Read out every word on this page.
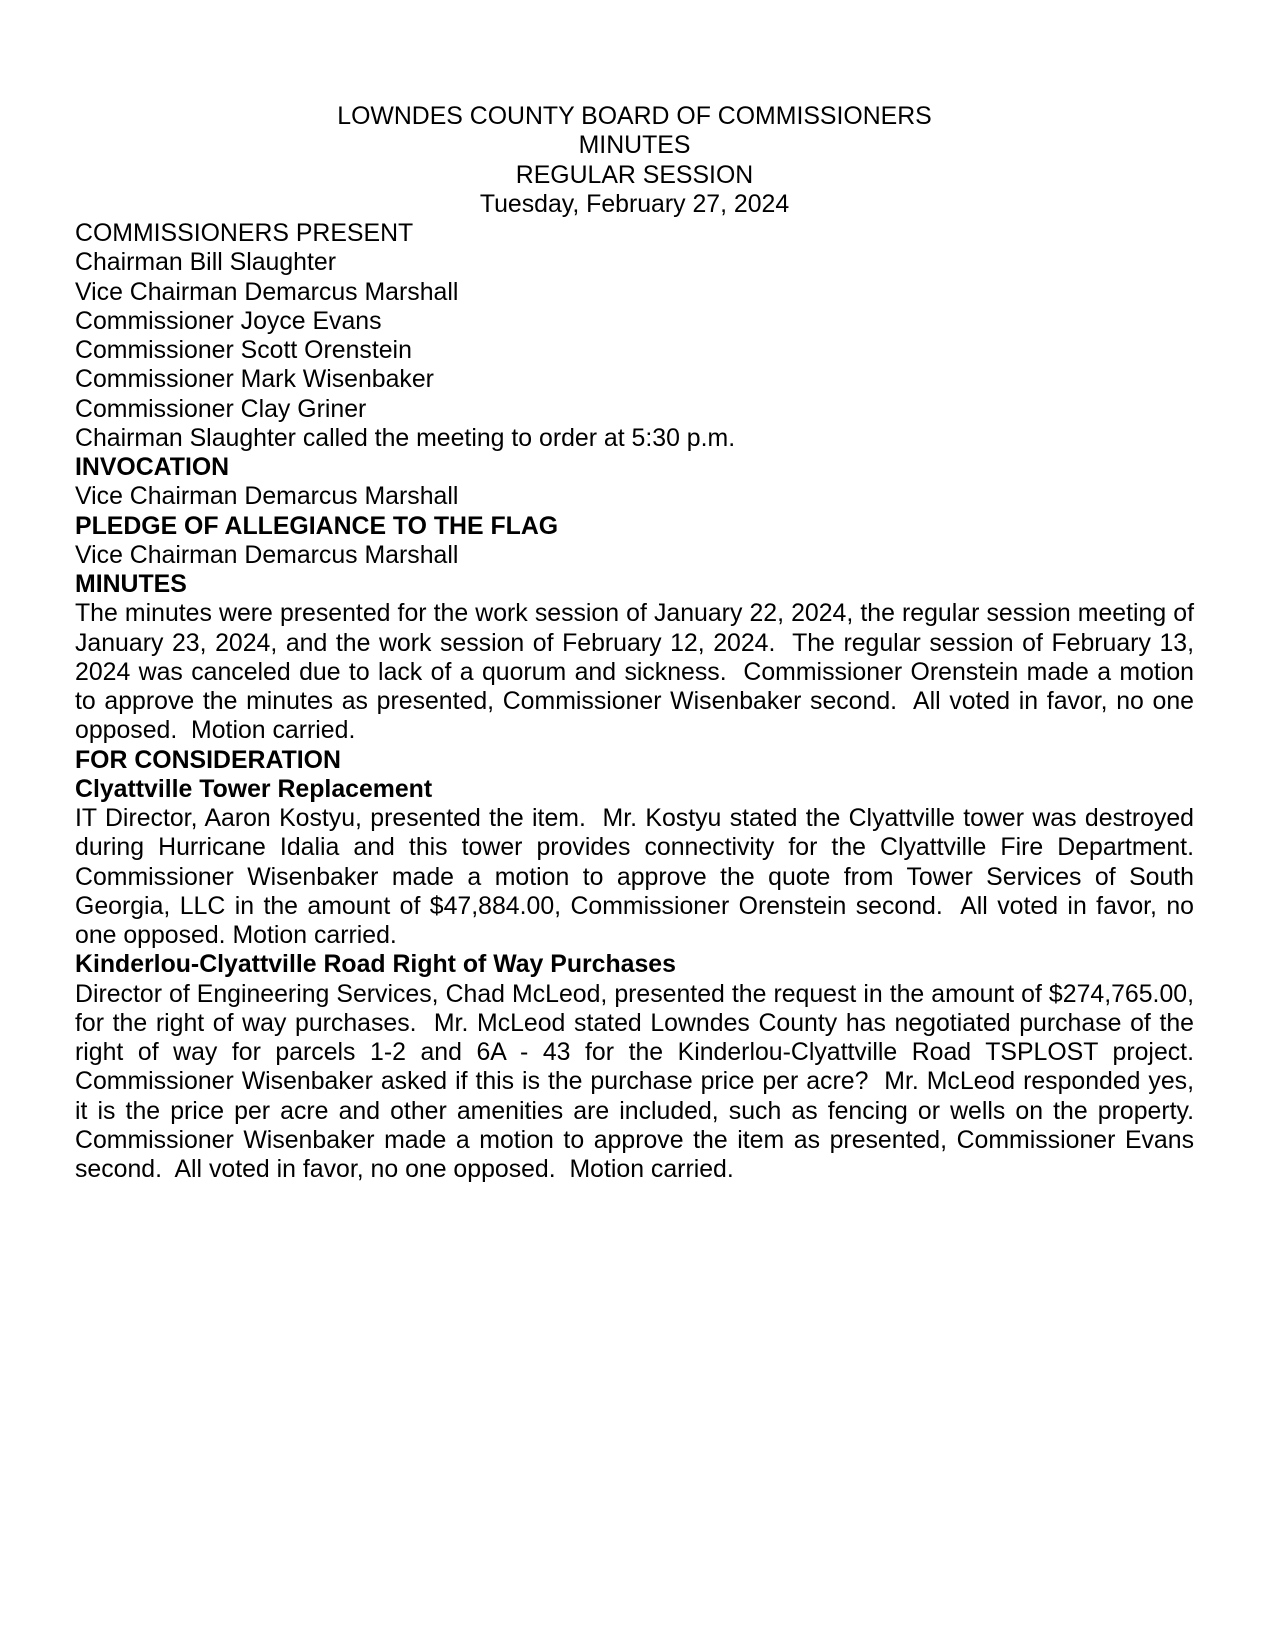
LOWNDES COUNTY BOARD OF COMMISSIONERS
MINUTES
REGULAR SESSION
Tuesday, February 27, 2024
COMMISSIONERS PRESENT
Chairman Bill Slaughter
Vice Chairman Demarcus Marshall
Commissioner Joyce Evans
Commissioner Scott Orenstein
Commissioner Mark Wisenbaker
Commissioner Clay Griner
Chairman Slaughter called the meeting to order at 5:30 p.m.
INVOCATION
Vice Chairman Demarcus Marshall
PLEDGE OF ALLEGIANCE TO THE FLAG
Vice Chairman Demarcus Marshall
MINUTES
The minutes were presented for the work session of January 22, 2024, the regular session meeting of January 23, 2024, and the work session of February 12, 2024.  The regular session of February 13, 2024 was canceled due to lack of a quorum and sickness.  Commissioner Orenstein made a motion to approve the minutes as presented, Commissioner Wisenbaker second.  All voted in favor, no one opposed.  Motion carried.
FOR CONSIDERATION
Clyattville Tower Replacement
IT Director, Aaron Kostyu, presented the item.  Mr. Kostyu stated the Clyattville tower was destroyed during Hurricane Idalia and this tower provides connectivity for the Clyattville Fire Department.  Commissioner Wisenbaker made a motion to approve the quote from Tower Services of South Georgia, LLC in the amount of $47,884.00, Commissioner Orenstein second.  All voted in favor, no one opposed. Motion carried.
Kinderlou-Clyattville Road Right of Way Purchases
Director of Engineering Services, Chad McLeod, presented the request in the amount of $274,765.00, for the right of way purchases.  Mr. McLeod stated Lowndes County has negotiated purchase of the right of way for parcels 1-2 and 6A - 43 for the Kinderlou-Clyattville Road TSPLOST project.  Commissioner Wisenbaker asked if this is the purchase price per acre?  Mr. McLeod responded yes, it is the price per acre and other amenities are included, such as fencing or wells on the property.  Commissioner Wisenbaker made a motion to approve the item as presented, Commissioner Evans second.  All voted in favor, no one opposed.  Motion carried.
